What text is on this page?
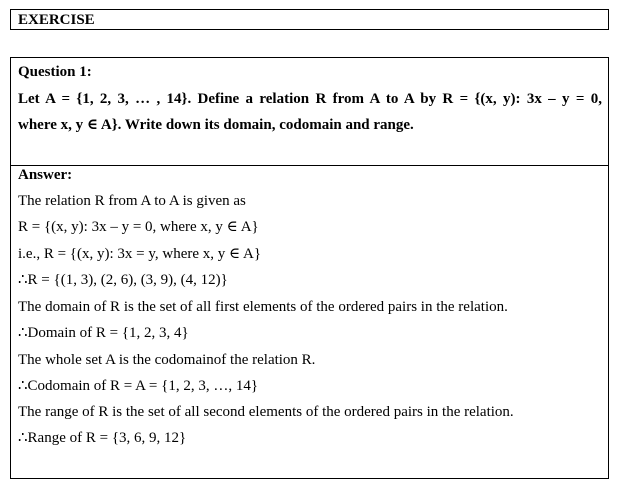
EXERCISE
Question 1:
Let A = {1, 2, 3, … , 14}. Define a relation R from A to A by R = {(x, y): 3x – y = 0,
where x, y ∈ A}. Write down its domain, codomain and range.
Answer:
The relation R from A to A is given as
R = {(x, y): 3x – y = 0, where x, y ∈ A}
i.e., R = {(x, y): 3x = y, where x, y ∈ A}
∴R = {(1, 3), (2, 6), (3, 9), (4, 12)}
The domain of R is the set of all first elements of the ordered pairs in the relation.
∴Domain of R = {1, 2, 3, 4}
The whole set A is the codomainof the relation R.
∴Codomain of R = A = {1, 2, 3, …, 14}
The range of R is the set of all second elements of the ordered pairs in the relation.
∴Range of R = {3, 6, 9, 12}
